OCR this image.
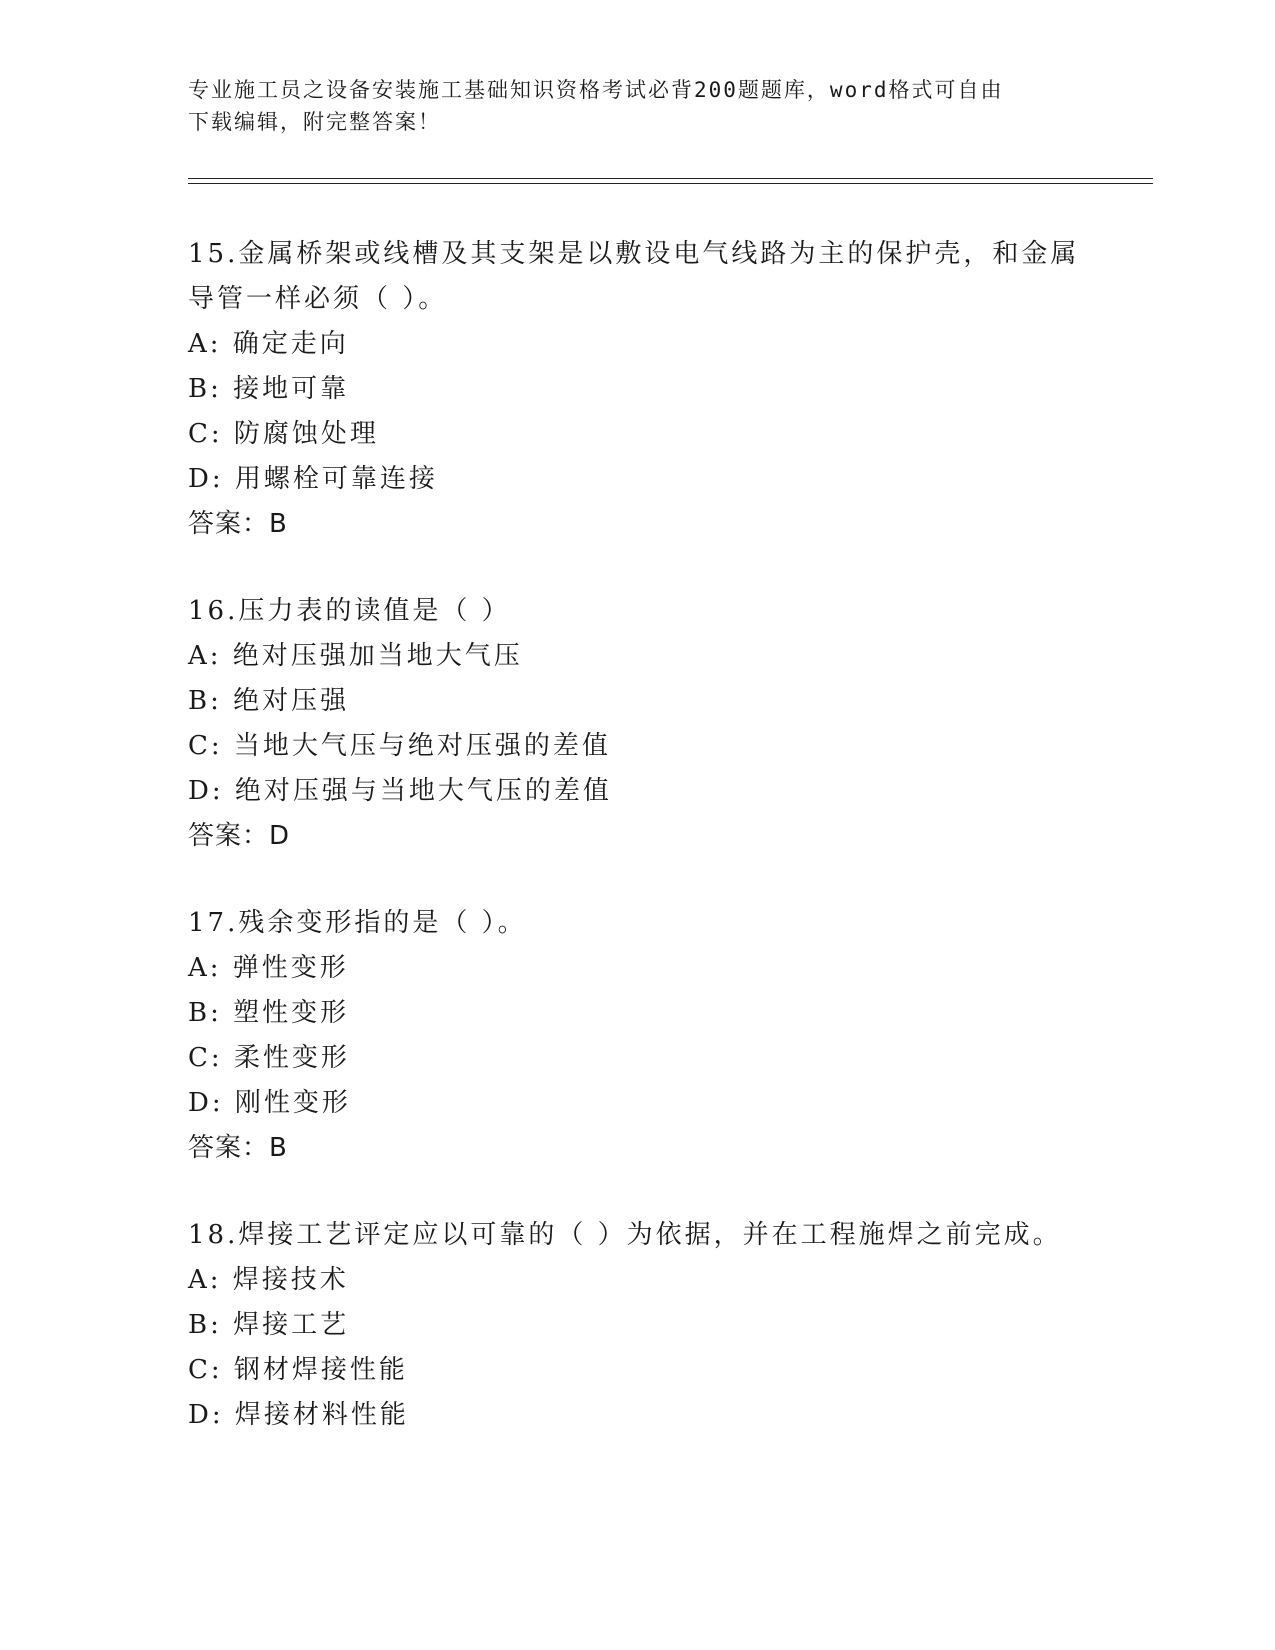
专业施工员之设备安装施工基础知识资格考试必背200题题库，word格式可自由
下载编辑，附完整答案！

15.金属桥架或线槽及其支架是以敷设电气线路为主的保护壳，和金属

导管一样必须（ ）。

A: 确定走向

B: 接地可靠

C: 防腐蚀处理

D: 用螺栓可靠连接

答案：B

16.压力表的读值是（ ）

A: 绝对压强加当地大气压

B: 绝对压强

C: 当地大气压与绝对压强的差值

D: 绝对压强与当地大气压的差值

答案：D

17.残余变形指的是（ ）。

A: 弹性变形

B: 塑性变形

C: 柔性变形

D: 刚性变形

答案：B

18.焊接工艺评定应以可靠的（ ）为依据，并在工程施焊之前完成。

A: 焊接技术

B: 焊接工艺

C: 钢材焊接性能

D: 焊接材料性能
